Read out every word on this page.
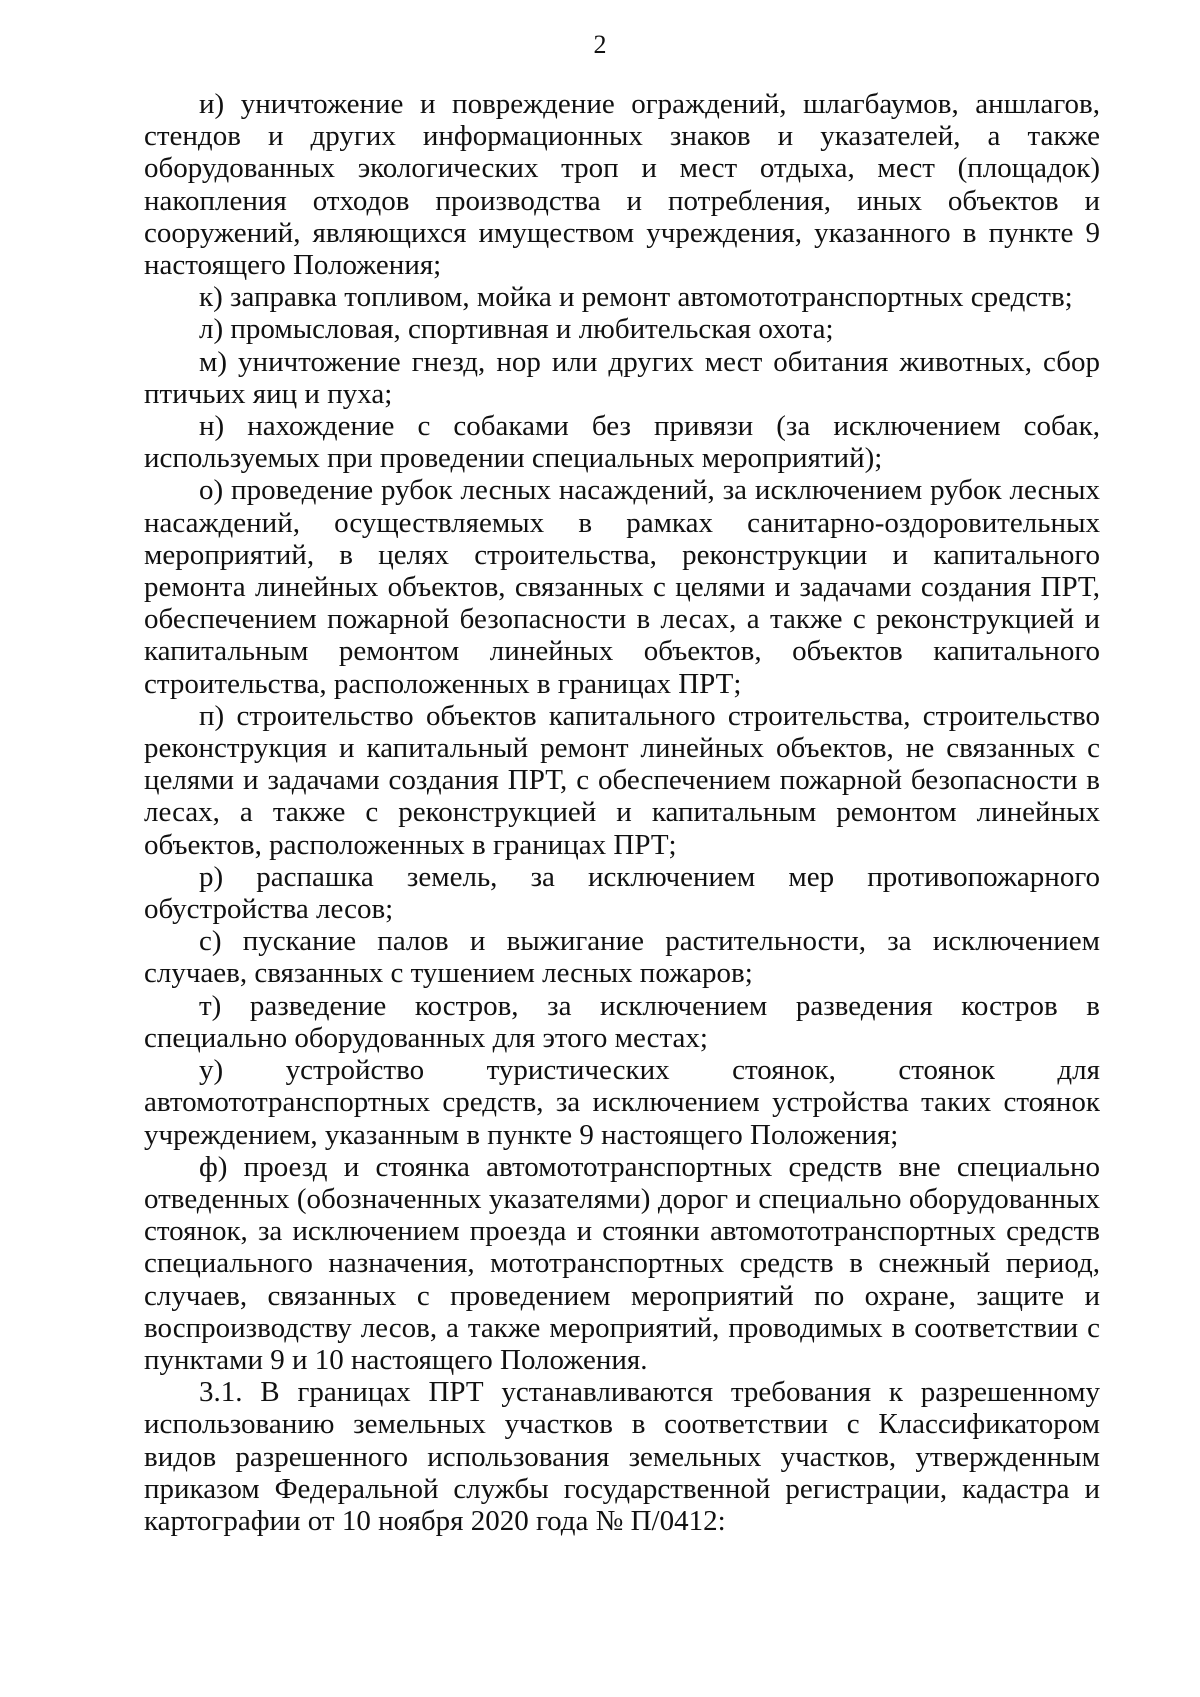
2

и) уничтожение и повреждение ограждений, шлагбаумов, аншлагов, стендов и других информационных знаков и указателей, а также оборудованных экологических троп и мест отдыха, мест (площадок) накопления отходов производства и потребления, иных объектов и сооружений, являющихся имуществом учреждения, указанного в пункте 9 настоящего Положения;

к) заправка топливом, мойка и ремонт автомототранспортных средств;

л) промысловая, спортивная и любительская охота;

м) уничтожение гнезд, нор или других мест обитания животных, сбор птичьих яиц и пуха;

н) нахождение с собаками без привязи (за исключением собак, используемых при проведении специальных мероприятий);

о) проведение рубок лесных насаждений, за исключением рубок лесных насаждений, осуществляемых в рамках санитарно-оздоровительных мероприятий, в целях строительства, реконструкции и капитального ремонта линейных объектов, связанных с целями и задачами создания ПРТ, обеспечением пожарной безопасности в лесах, а также с реконструкцией и капитальным ремонтом линейных объектов, объектов капитального строительства, расположенных в границах ПРТ;

п) строительство объектов капитального строительства, строительство реконструкция и капитальный ремонт линейных объектов, не связанных с целями и задачами создания ПРТ, с обеспечением пожарной безопасности в лесах, а также с реконструкцией и капитальным ремонтом линейных объектов, расположенных в границах ПРТ;

р) распашка земель, за исключением мер противопожарного обустройства лесов;

с) пускание палов и выжигание растительности, за исключением случаев, связанных с тушением лесных пожаров;

т) разведение костров, за исключением разведения костров в специально оборудованных для этого местах;

у) устройство туристических стоянок, стоянок для автомототранспортных средств, за исключением устройства таких стоянок учреждением, указанным в пункте 9 настоящего Положения;

ф) проезд и стоянка автомототранспортных средств вне специально отведенных (обозначенных указателями) дорог и специально оборудованных стоянок, за исключением проезда и стоянки автомототранспортных средств специального назначения, мототранспортных средств в снежный период, случаев, связанных с проведением мероприятий по охране, защите и воспроизводству лесов, а также мероприятий, проводимых в соответствии с пунктами 9 и 10 настоящего Положения.

3.1. В границах ПРТ устанавливаются требования к разрешенному использованию земельных участков в соответствии с Классификатором видов разрешенного использования земельных участков, утвержденным приказом Федеральной службы государственной регистрации, кадастра и картографии от 10 ноября 2020 года № П/0412:
